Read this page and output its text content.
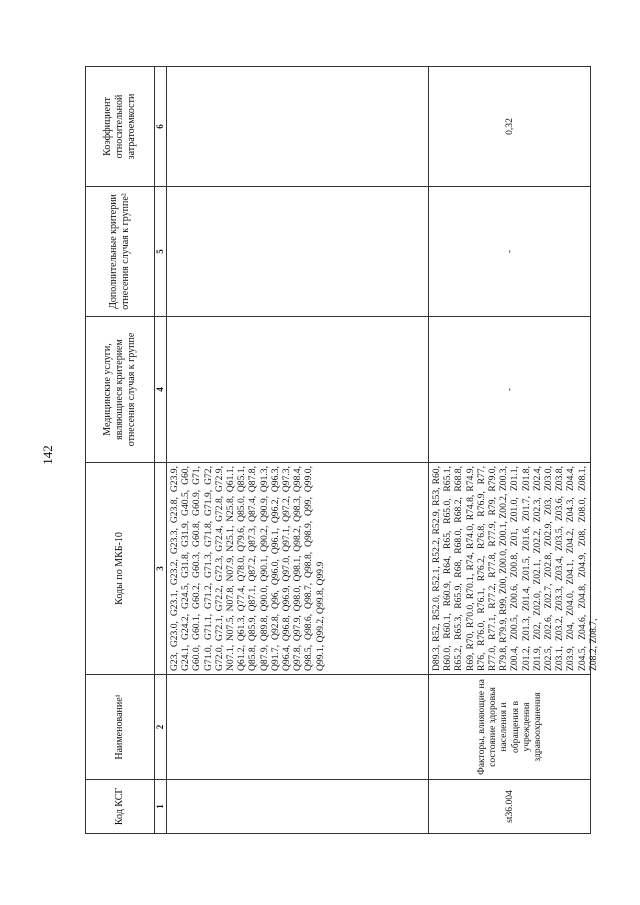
142
Код КСГ
Наименование¹
Коды по МКБ-10
Медицинские услуги, являющиеся критерием отнесения случая к группе
Дополнительные критерии отнесения случая к группе²
Коэффициент относительной затратоемкости
1
2
3
4
5
6
G23, G23.0, G23.1, G23.2, G23.3, G23.8, G23.9, G24.1, G24.2, G24.5, G31.8, G31.9, G40.5, G60, G60.0, G60.1, G60.2, G60.3, G60.8, G60.9, G71, G71.0, G71.1, G71.2, G71.3, G71.8, G71.9, G72, G72.0, G72.1, G72.2, G72.3, G72.4, G72.8, G72.9, N07.1, N07.5, N07.8, N07.9, N25.1, N25.8, Q61.1, Q61.2, Q61.3, Q77.4, Q78.0, Q79.6, Q85.0, Q85.1, Q85.8, Q85.9, Q87.1, Q87.2, Q87.3, Q87.4, Q87.8, Q87.9, Q89.8, Q90.0, Q90.1, Q90.2, Q90.9, Q91.3, Q91.7, Q92.8, Q96, Q96.0, Q96.1, Q96.2, Q96.3, Q96.4, Q96.8, Q96.9, Q97.0, Q97.1, Q97.2, Q97.3, Q97.8, Q97.9, Q98.0, Q98.1, Q98.2, Q98.3, Q98.4, Q98.5, Q98.6, Q98.7, Q98.8, Q98.9, Q99, Q99.0, Q99.1, Q99.2, Q99.8, Q99.9
st36.004
Факторы, влияющие на состояние здоровья населения и обращения в учреждения здравоохранения
D89.3, R52, R52.0, R52.1, R52.2, R52.9, R53, R60, R60.0, R60.1, R60.9, R64, R65, R65.0, R65.1, R65.2, R65.3, R65.9, R68, R68.0, R68.2, R68.8, R69, R70, R70.0, R70.1, R74, R74.0, R74.8, R74.9, R76, R76.0, R76.1, R76.2, R76.8, R76.9, R77, R77.0, R77.1, R77.2, R77.8, R77.9, R79, R79.0, R79.8, R79.9, R99, Z00, Z00.0, Z00.1, Z00.2, Z00.3, Z00.4, Z00.5, Z00.6, Z00.8, Z01, Z01.0, Z01.1, Z01.2, Z01.3, Z01.4, Z01.5, Z01.6, Z01.7, Z01.8, Z01.9, Z02, Z02.0, Z02.1, Z02.2, Z02.3, Z02.4, Z02.5, Z02.6, Z02.7, Z02.8, Z02.9, Z03, Z03.0, Z03.1, Z03.2, Z03.3, Z03.4, Z03.5, Z03.6, Z03.8, Z03.9, Z04, Z04.0, Z04.1, Z04.2, Z04.3, Z04.4, Z04.5, Z04.6, Z04.8, Z04.9, Z08, Z08.0, Z08.1, Z08.2, Z08.7,
-
-
0,32
